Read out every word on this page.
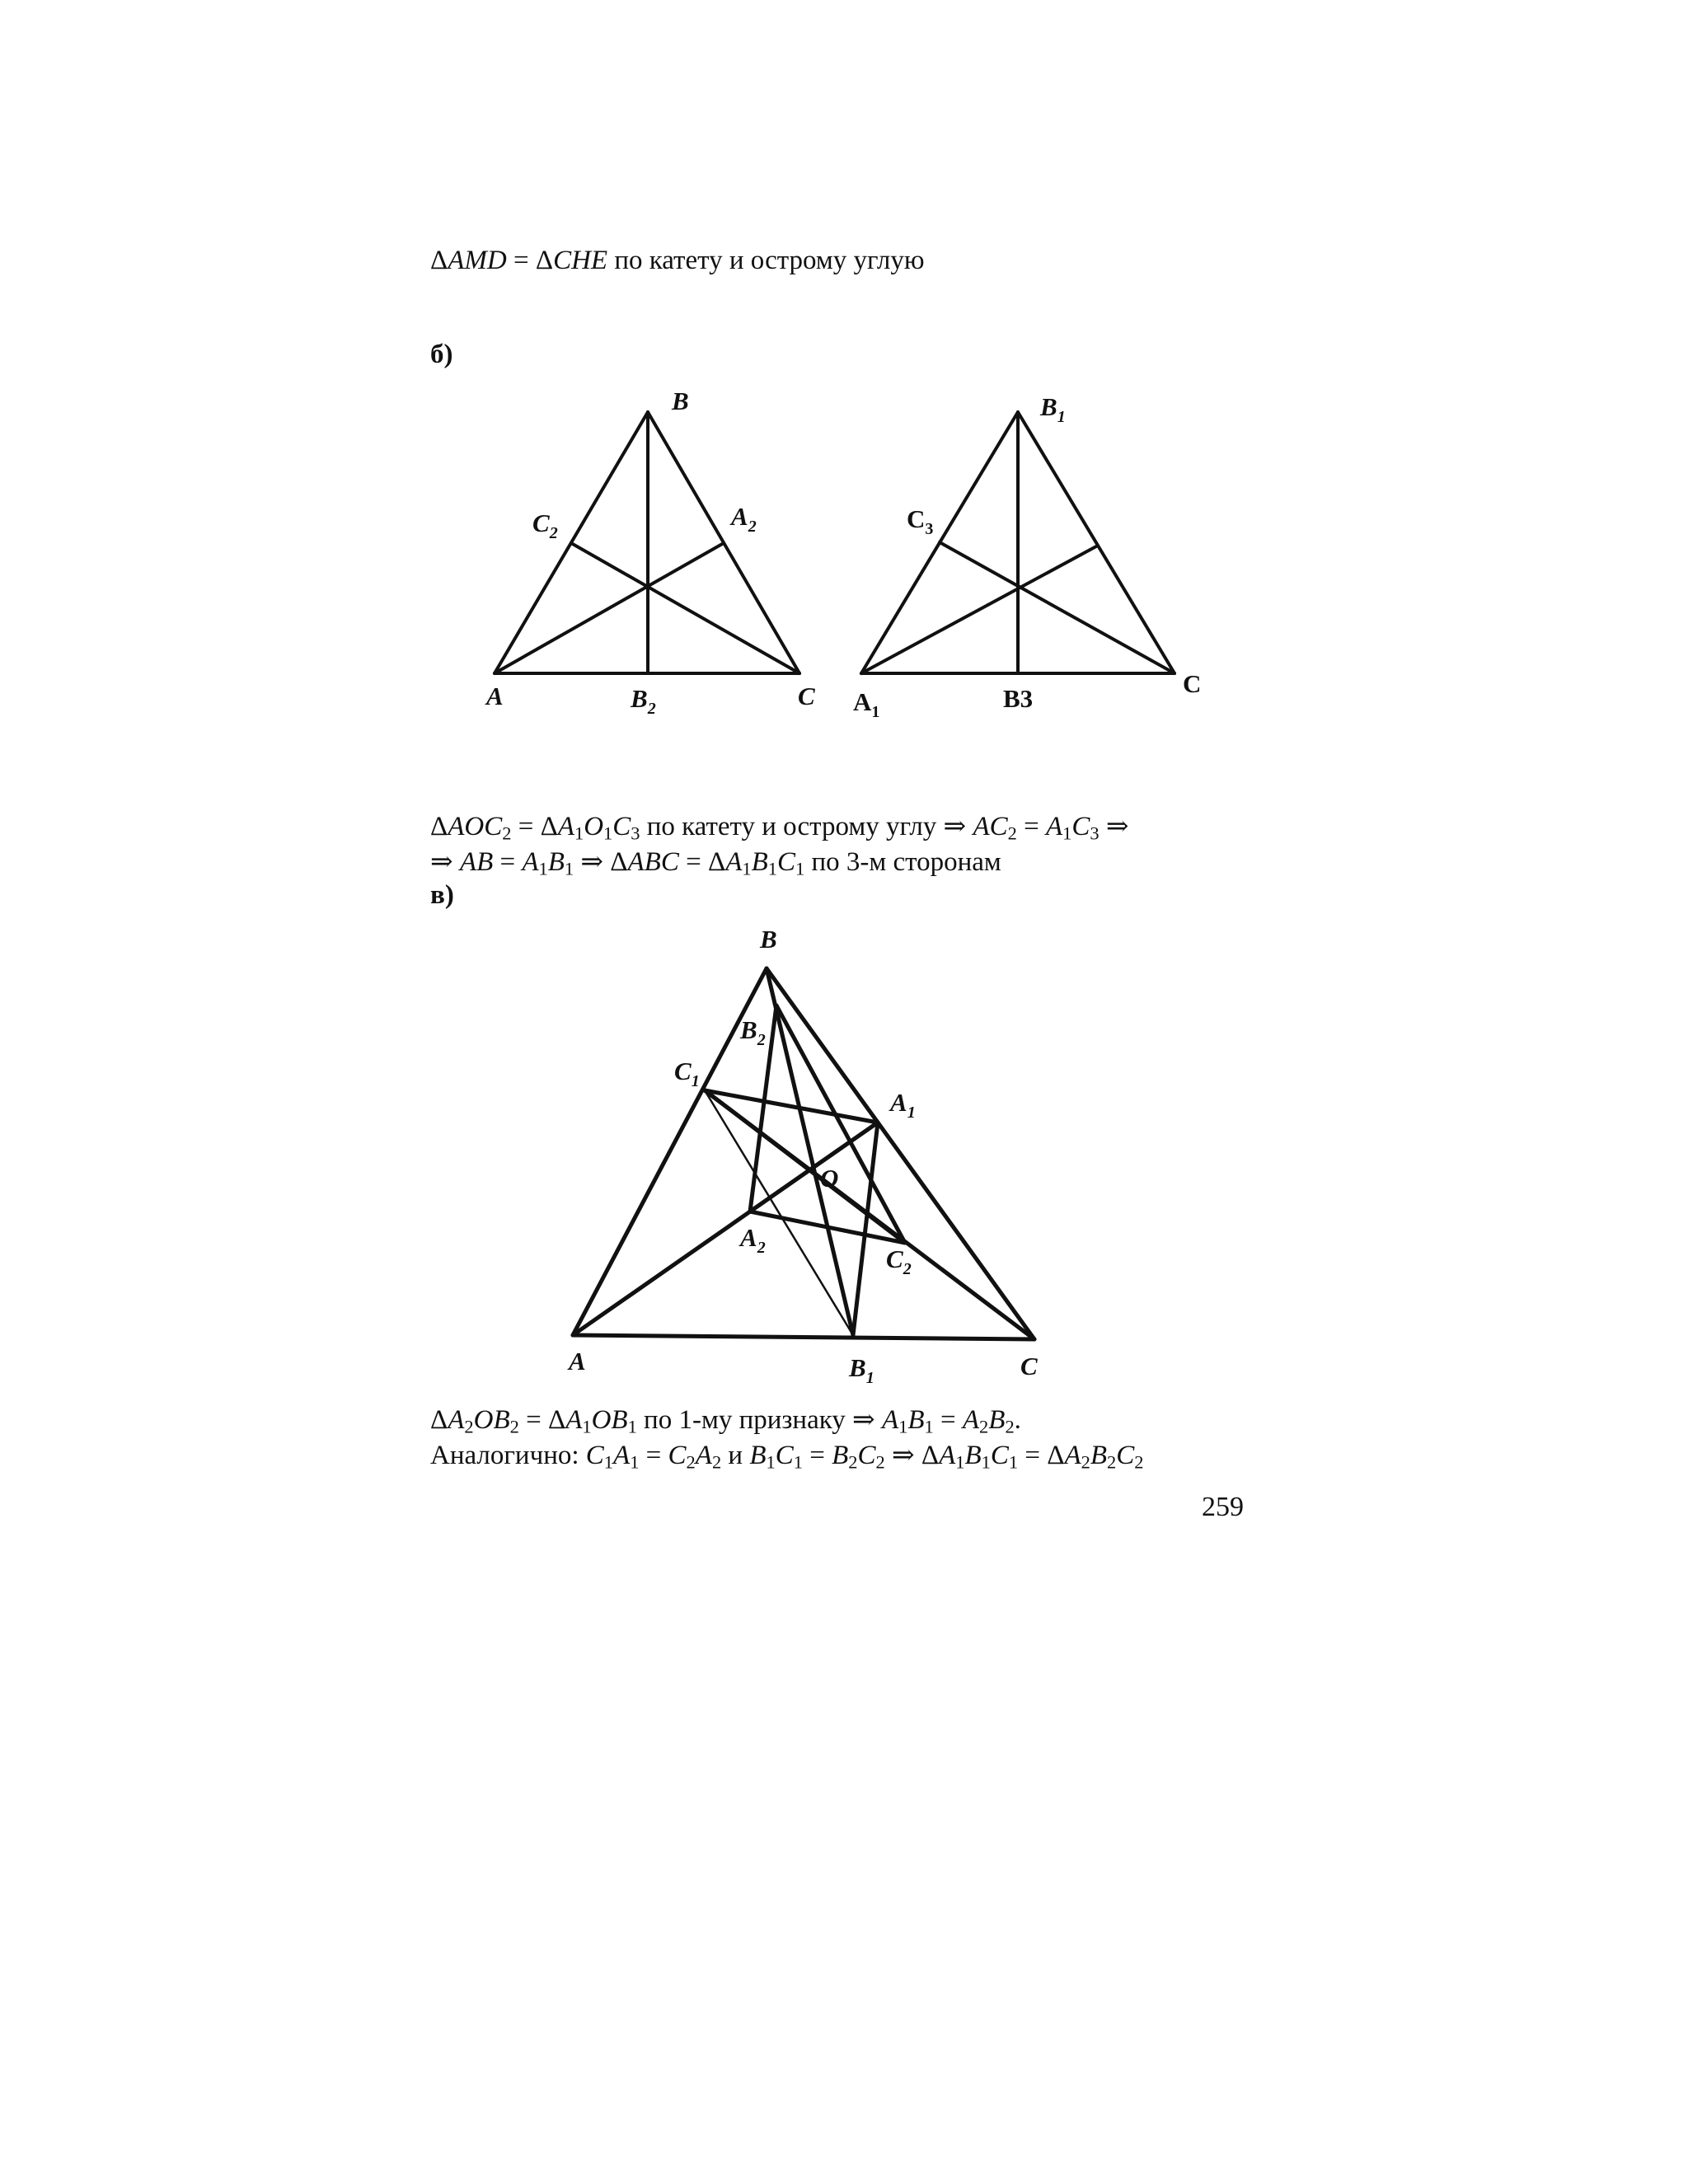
ΔAMD = ΔCHE по катету и острому углую
б)
B
$C_2$
$A_2$
A	$B_2$	C
$B_1$
$C_3$
$A_1$	B3
C
$\Delta AOC_2 = \Delta A_1O_1C_3$ по катету и острому углу ⇒ $AC_2 = A_1C_3$ ⇒
⇒ AB = $A_1B_1$ ⇒ $\Delta ABC = \Delta A_1B_1C_1$ по 3-м сторонам
в)
B
$B_2$
$C_1$
$A_1$
O
$A_2$	$C_2$
A	$B_1$	C
$\Delta A_2OB_2 = \Delta A_1OB_1$ по 1-му признаку ⇒ $A_1B_1 = A_2B_2$.
Аналогично: $C_1A_1 = C_2A_2$ и $B_1C_1 = B_2C_2$ ⇒ $\Delta A_1B_1C_1 = \Delta A_2B_2C_2$
259
